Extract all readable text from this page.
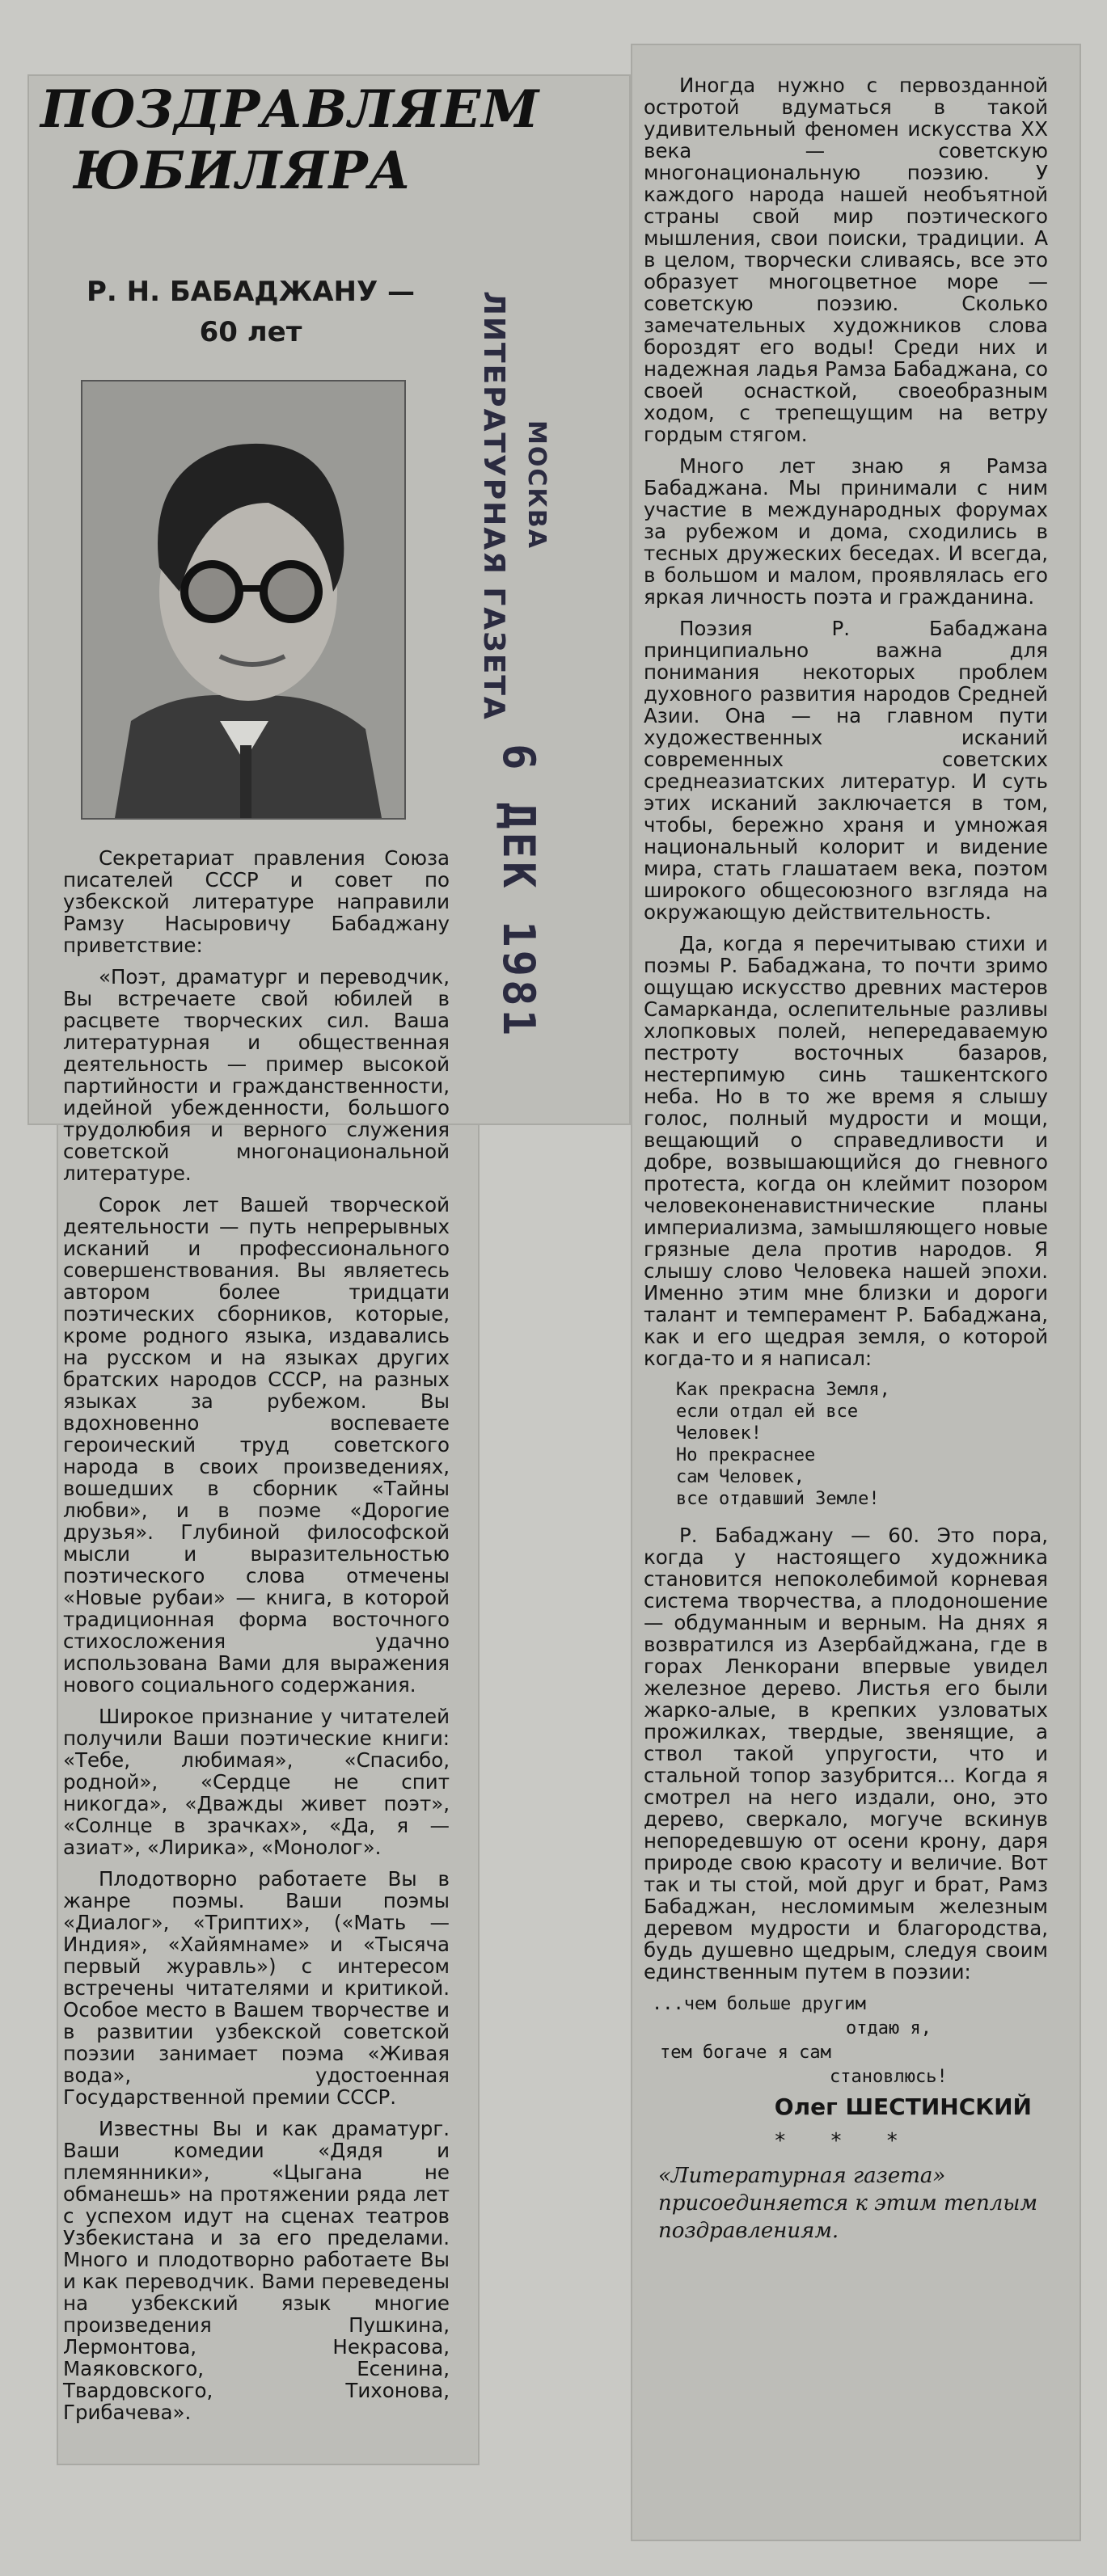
ПОЗДРАВЛЯЕМ
ЮБИЛЯРА
Р. Н. БАБАДЖАНУ —
60 лет	ЛИТЕРАТУРНАЯ ГАЗЕТА МОСКВА
6 ДЕК 1981

Секретариат правления Союза писателей СССР и совет по узбекской литературе направили Рамзу Насыровичу Бабаджану приветствие:

«Поэт, драматург и переводчик, Вы встречаете свой юбилей в расцвете творческих сил. Ваша литературная и общественная деятельность — пример высокой партийности и гражданственности, идейной убежденности, большого трудолюбия и верного служения советской многонациональной литературе.

Сорок лет Вашей творческой деятельности — путь непрерывных исканий и профессионального совершенствования. Вы являетесь автором более тридцати поэтических сборников, которые, кроме родного языка, издавались на русском и на языках других братских народов СССР, на разных языках за рубежом. Вы вдохновенно воспеваете героический труд советского народа в своих произведениях, вошедших в сборник «Тайны любви», и в поэме «Дорогие друзья». Глубиной философской мысли и выразительностью поэтического слова отмечены «Новые рубаи» — книга, в которой традиционная форма восточного стихосложения удачно использована Вами для выражения нового социального содержания.

Широкое признание у читателей получили Ваши поэтические книги: «Тебе, любимая», «Спасибо, родной», «Сердце не спит никогда», «Дважды живет поэт», «Солнце в зрачках», «Да, я — азиат», «Лирика», «Монолог».

Плодотворно работаете Вы в жанре поэмы. Ваши поэмы «Диалог», «Триптих», («Мать — Индия», «Хайямнаме» и «Тысяча первый журавль») с интересом встречены читателями и критикой. Особое место в Вашем творчестве и в развитии узбекской советской поэзии занимает поэма «Живая вода», удостоенная Государственной премии СССР.

Известны Вы и как драматург. Ваши комедии «Дядя и племянники», «Цыгана не обманешь» на протяжении ряда лет с успехом идут на сценах театров Узбекистана и за его пределами. Много и плодотворно работаете Вы и как переводчик. Вами переведены на узбекский язык многие произведения Пушкина, Лермонтова, Некрасова, Маяковского, Есенина, Твардовского, Тихонова, Грибачева».

Иногда нужно с первозданной остротой вдуматься в такой удивительный феномен искусства XX века — советскую многонациональную поэзию. У каждого народа нашей необъятной страны свой мир поэтического мышления, свои поиски, традиции. А в целом, творчески сливаясь, все это образует многоцветное море — советскую поэзию. Сколько замечательных художников слова бороздят его воды! Среди них и надежная ладья Рамза Бабаджана, со своей оснасткой, своеобразным ходом, с трепещущим на ветру гордым стягом.

Много лет знаю я Рамза Бабаджана. Мы принимали с ним участие в международных форумах за рубежом и дома, сходились в тесных дружеских беседах. И всегда, в большом и малом, проявлялась его яркая личность поэта и гражданина.

Поэзия Р. Бабаджана принципиально важна для понимания некоторых проблем духовного развития народов Средней Азии. Она — на главном пути художественных исканий современных советских среднеазиатских литератур. И суть этих исканий заключается в том, чтобы, бережно храня и умножая национальный колорит и видение мира, стать глашатаем века, поэтом широкого общесоюзного взгляда на окружающую действительность.

Да, когда я перечитываю стихи и поэмы Р. Бабаджана, то почти зримо ощущаю искусство древних мастеров Самарканда, ослепительные разливы хлопковых полей, непередаваемую пестроту восточных базаров, нестерпимую синь ташкентского неба. Но в то же время я слышу голос, полный мудрости и мощи, вещающий о справедливости и добре, возвышающийся до гневного протеста, когда он клеймит позором человеконенавистнические планы империализма, замышляющего новые грязные дела против народов. Я слышу слово Человека нашей эпохи. Именно этим мне близки и дороги талант и темперамент Р. Бабаджана, как и его щедрая земля, о которой когда-то и я написал:

Как прекрасна Земля,
если отдал ей все
Человек!
Но прекраснее
сам Человек,
все отдавший Земле!

Р. Бабаджану — 60. Это пора, когда у настоящего художника становится непоколебимой корневая система творчества, а плодоношение — обдуманным и верным. На днях я возвратился из Азербайджана, где в горах Ленкорани впервые увидел железное дерево. Листья его были жарко-алые, в крепких узловатых прожилках, твердые, звенящие, а ствол такой упругости, что и стальной топор зазубрится... Когда я смотрел на него издали, оно, это дерево, сверкало, могуче вскинув непоредевшую от осени крону, даря природе свою красоту и величие. Вот так и ты стой, мой друг и брат, Рамз Бабаджан, несломимым железным деревом мудрости и благородства, будь душевно щедрым, следуя своим единственным путем в поэзии:

...чем больше другим
отдаю я,
тем богаче я сам
становлюсь!
Олег ШЕСТИНСКИЙ
* * *
«Литературная газета» присоединяется к этим теплым поздравлениям.
